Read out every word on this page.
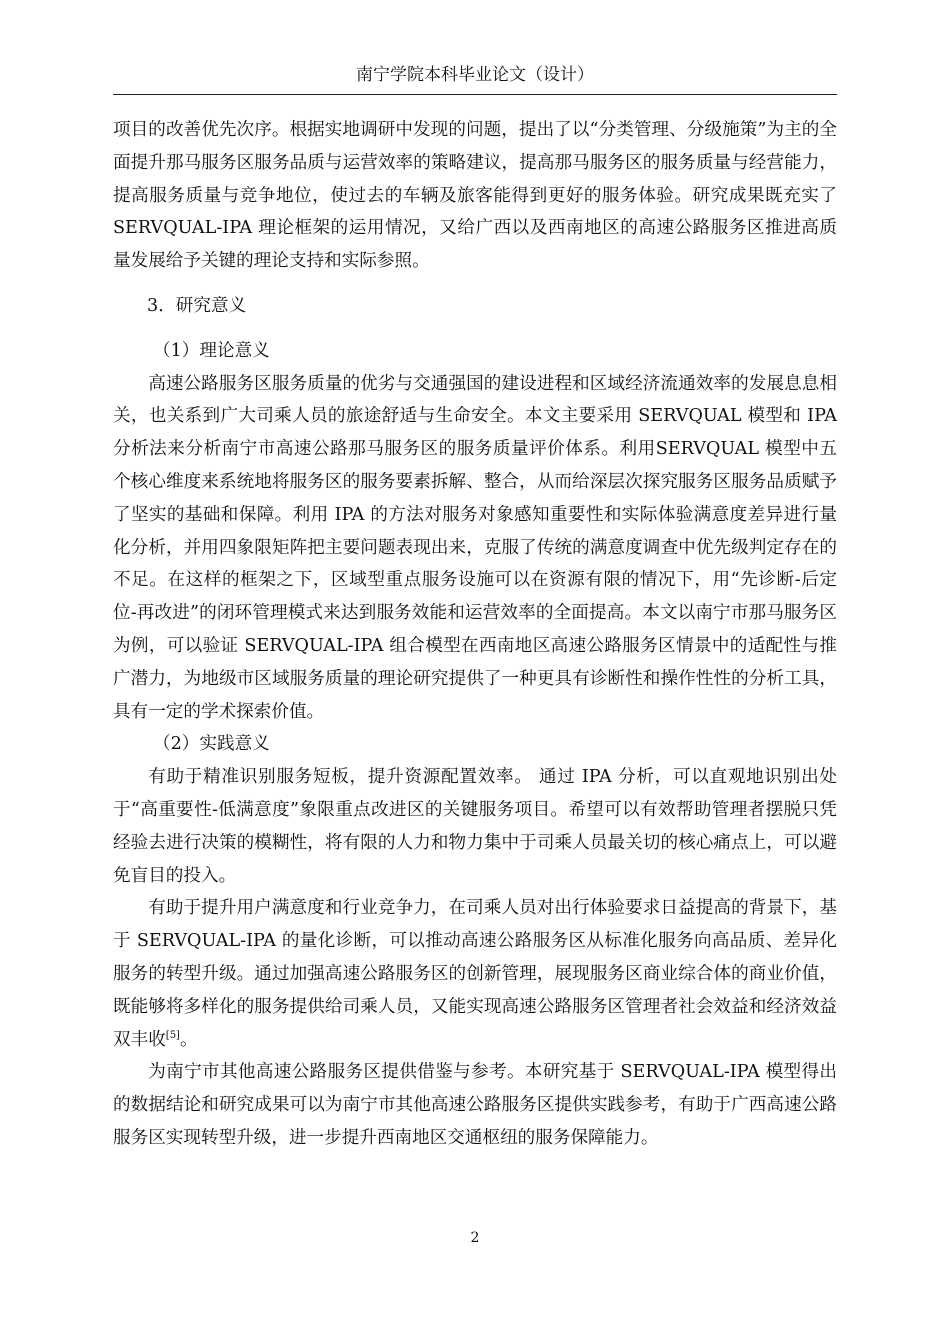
南宁学院本科毕业论文（设计）

项目的改善优先次序。根据实地调研中发现的问题，提出了以“分类管理、分级施策”为主的全面提升那马服务区服务品质与运营效率的策略建议，提高那马服务区的服务质量与经营能力，提高服务质量与竞争地位，使过去的车辆及旅客能得到更好的服务体验。研究成果既充实了 SERVQUAL-IPA 理论框架的运用情况，又给广西以及西南地区的高速公路服务区推进高质量发展给予关键的理论支持和实际参照。

3．研究意义

（1）理论意义

高速公路服务区服务质量的优劣与交通强国的建设进程和区域经济流通效率的发展息息相关，也关系到广大司乘人员的旅途舒适与生命安全。本文主要采用 SERVQUAL 模型和 IPA 分析法来分析南宁市高速公路那马服务区的服务质量评价体系。利用SERVQUAL 模型中五个核心维度来系统地将服务区的服务要素拆解、整合，从而给深层次探究服务区服务品质赋予了坚实的基础和保障。利用 IPA 的方法对服务对象感知重要性和实际体验满意度差异进行量化分析，并用四象限矩阵把主要问题表现出来，克服了传统的满意度调查中优先级判定存在的不足。在这样的框架之下，区域型重点服务设施可以在资源有限的情况下，用“先诊断-后定位-再改进”的闭环管理模式来达到服务效能和运营效率的全面提高。本文以南宁市那马服务区为例，可以验证 SERVQUAL-IPA 组合模型在西南地区高速公路服务区情景中的适配性与推广潜力，为地级市区域服务质量的理论研究提供了一种更具有诊断性和操作性性的分析工具，具有一定的学术探索价值。

（2）实践意义

有助于精准识别服务短板，提升资源配置效率。 通过 IPA 分析，可以直观地识别出处于“高重要性-低满意度”象限重点改进区的关键服务项目。希望可以有效帮助管理者摆脱只凭经验去进行决策的模糊性，将有限的人力和物力集中于司乘人员最关切的核心痛点上，可以避免盲目的投入。

有助于提升用户满意度和行业竞争力，在司乘人员对出行体验要求日益提高的背景下，基于 SERVQUAL-IPA 的量化诊断，可以推动高速公路服务区从标准化服务向高品质、差异化服务的转型升级。通过加强高速公路服务区的创新管理，展现服务区商业综合体的商业价值，既能够将多样化的服务提供给司乘人员，又能实现高速公路服务区管理者社会效益和经济效益双丰收[5]。

为南宁市其他高速公路服务区提供借鉴与参考。本研究基于 SERVQUAL-IPA 模型得出的数据结论和研究成果可以为南宁市其他高速公路服务区提供实践参考，有助于广西高速公路服务区实现转型升级，进一步提升西南地区交通枢纽的服务保障能力。

2
